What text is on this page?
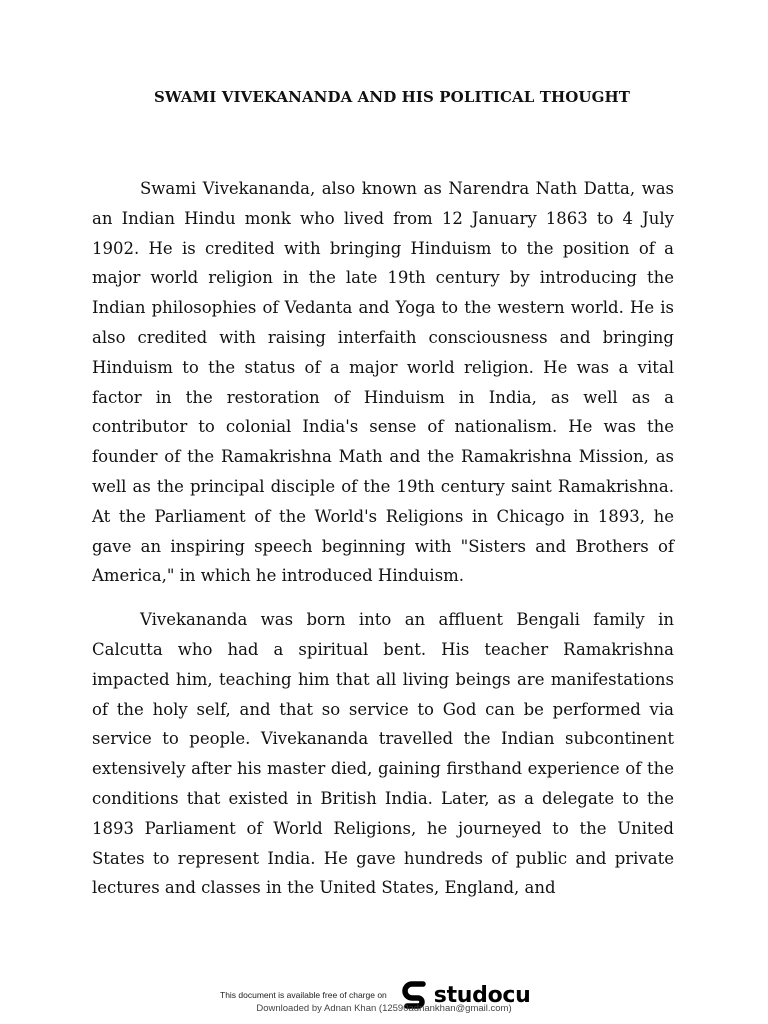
SWAMI VIVEKANANDA AND HIS POLITICAL THOUGHT

Swami Vivekananda, also known as Narendra Nath Datta, was an Indian Hindu monk who lived from 12 January 1863 to 4 July 1902. He is credited with bringing Hinduism to the position of a major world religion in the late 19th century by introducing the Indian philosophies of Vedanta and Yoga to the western world. He is also credited with raising interfaith consciousness and bringing Hinduism to the status of a major world religion. He was a vital factor in the restoration of Hinduism in India, as well as a contributor to colonial India's sense of nationalism. He was the founder of the Ramakrishna Math and the Ramakrishna Mission, as well as the principal disciple of the 19th century saint Ramakrishna. At the Parliament of the World's Religions in Chicago in 1893, he gave an inspiring speech beginning with "Sisters and Brothers of America," in which he introduced Hinduism.

Vivekananda was born into an affluent Bengali family in Calcutta who had a spiritual bent. His teacher Ramakrishna impacted him, teaching him that all living beings are manifestations of the holy self, and that so service to God can be performed via service to people. Vivekananda travelled the Indian subcontinent extensively after his master died, gaining firsthand experience of the conditions that existed in British India. Later, as a delegate to the 1893 Parliament of World Religions, he journeyed to the United States to represent India. He gave hundreds of public and private lectures and classes in the United States, England, and

This document is available free of charge on studocu
Downloaded by Adnan Khan (12590adnankhan@gmail.com)
